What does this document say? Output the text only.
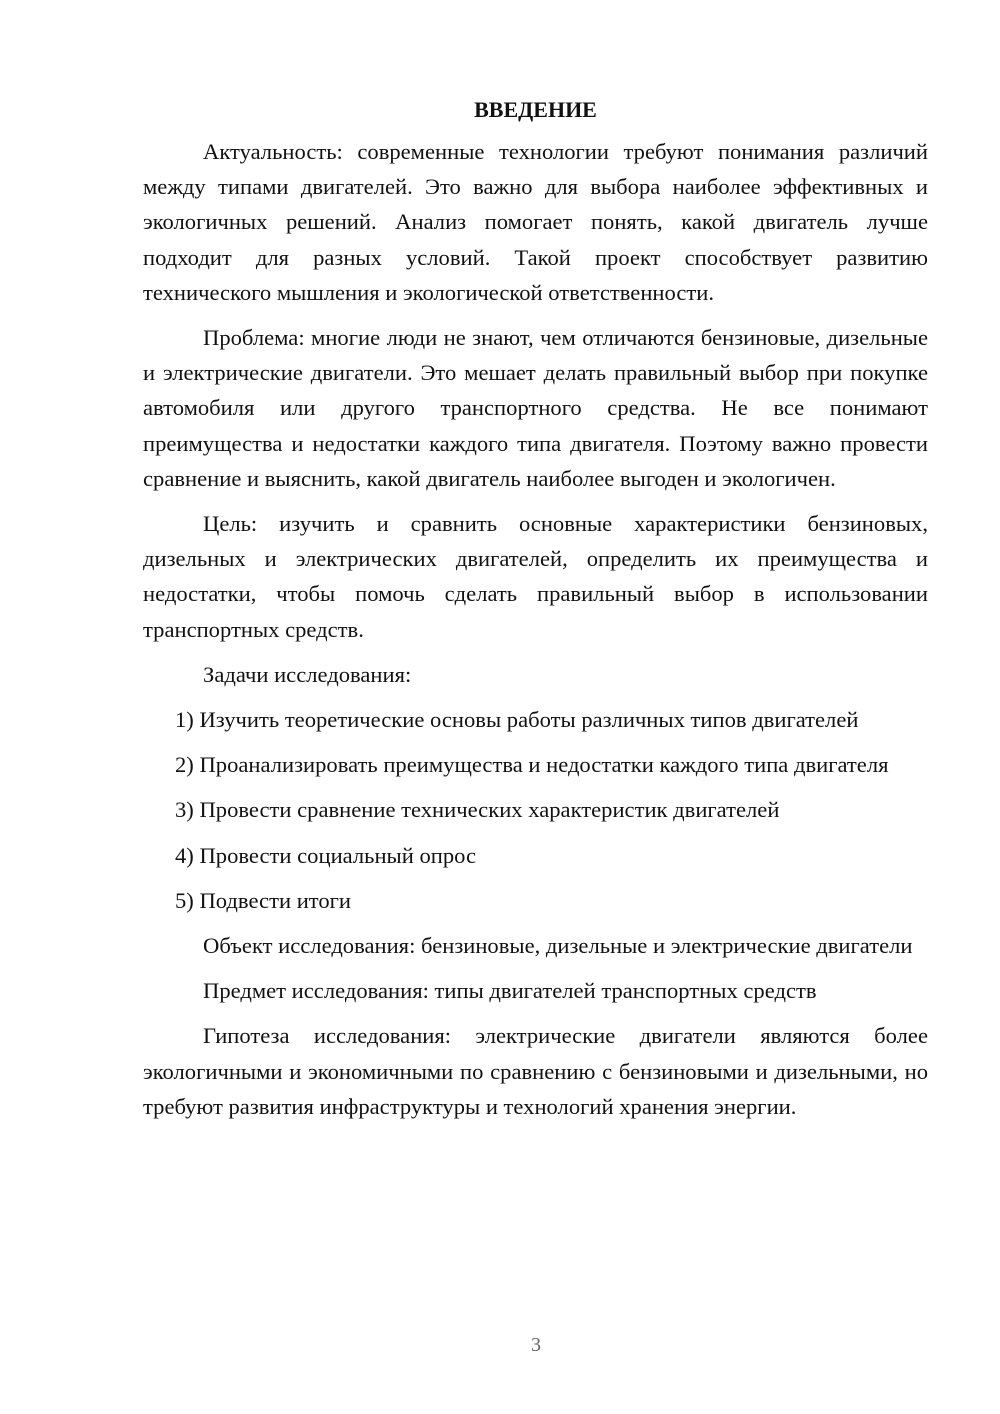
ВВЕДЕНИЕ

Актуальность: современные технологии требуют понимания различий между типами двигателей. Это важно для выбора наиболее эффективных и экологичных решений. Анализ помогает понять, какой двигатель лучше подходит для разных условий. Такой проект способствует развитию технического мышления и экологической ответственности.

Проблема: многие люди не знают, чем отличаются бензиновые, дизельные и электрические двигатели. Это мешает делать правильный выбор при покупке автомобиля или другого транспортного средства. Не все понимают преимущества и недостатки каждого типа двигателя. Поэтому важно провести сравнение и выяснить, какой двигатель наиболее выгоден и экологичен.

Цель: изучить и сравнить основные характеристики бензиновых, дизельных и электрических двигателей, определить их преимущества и недостатки, чтобы помочь сделать правильный выбор в использовании транспортных средств.

Задачи исследования:

1) Изучить теоретические основы работы различных типов двигателей

2) Проанализировать преимущества и недостатки каждого типа двигателя

3) Провести сравнение технических характеристик двигателей

4) Провести социальный опрос

5) Подвести итоги

Объект исследования: бензиновые, дизельные и электрические двигатели

Предмет исследования: типы двигателей транспортных средств

Гипотеза исследования: электрические двигатели являются более экологичными и экономичными по сравнению с бензиновыми и дизельными, но требуют развития инфраструктуры и технологий хранения энергии.

3
